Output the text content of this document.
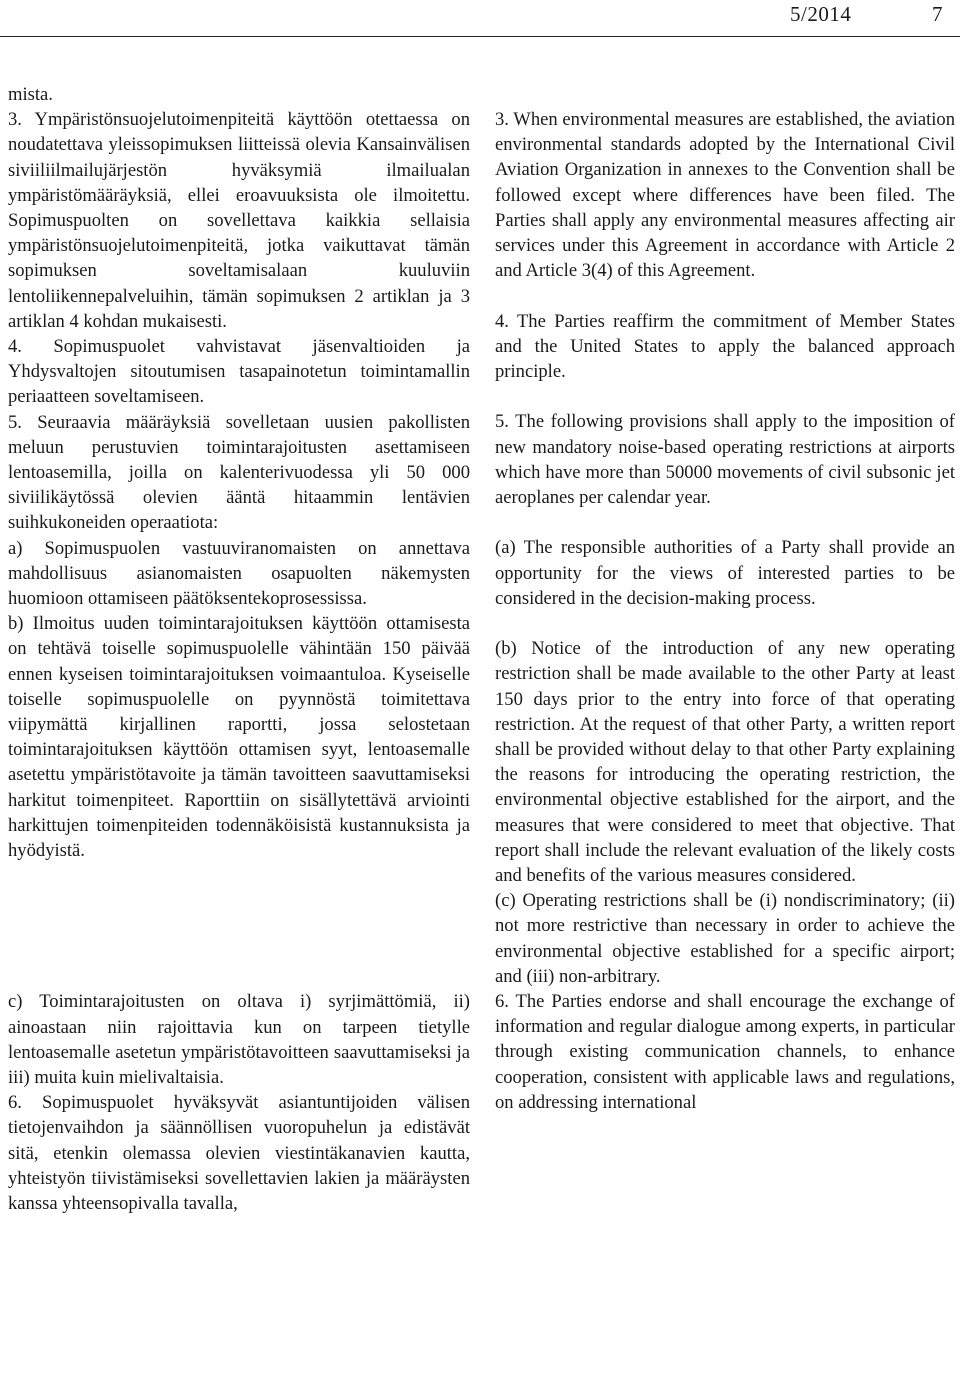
5/2014	7

mista.

3. Ympäristönsuojelutoimenpiteitä käyttöön otettaessa on noudatettava yleissopimuksen liitteissä olevia Kansainvälisen siviiliilmailujärjestön hyväksymiä ilmailualan ympäristömääräyksiä, ellei eroavuuksista ole ilmoitettu. Sopimuspuolten on sovellettava kaikkia sellaisia ympäristönsuojelutoimenpiteitä, jotka vaikuttavat tämän sopimuksen soveltamisalaan kuuluviin lentoliikennepalveluihin, tämän sopimuksen 2 artiklan ja 3 artiklan 4 kohdan mukaisesti.

4. Sopimuspuolet vahvistavat jäsenvaltioiden ja Yhdysvaltojen sitoutumisen tasapainotetun toimintamallin periaatteen soveltamiseen.

5. Seuraavia määräyksiä sovelletaan uusien pakollisten meluun perustuvien toimintarajoitusten asettamiseen lentoasemilla, joilla on kalenterivuodessa yli 50 000 siviilikäytössä olevien ääntä hitaammin lentävien suihkukoneiden operaatiota:

a) Sopimuspuolen vastuuviranomaisten on annettava mahdollisuus asianomaisten osapuolten näkemysten huomioon ottamiseen päätöksentekoprosessissa.

b) Ilmoitus uuden toimintarajoituksen käyttöön ottamisesta on tehtävä toiselle sopimuspuolelle vähintään 150 päivää ennen kyseisen toimintarajoituksen voimaantuloa. Kyseiselle toiselle sopimuspuolelle on pyynnöstä toimitettava viipymättä kirjallinen raportti, jossa selostetaan toimintarajoituksen käyttöön ottamisen syyt, lentoasemalle asetettu ympäristötavoite ja tämän tavoitteen saavuttamiseksi harkitut toimenpiteet. Raporttiin on sisällytettävä arviointi harkittujen toimenpiteiden todennäköisistä kustannuksista ja hyödyistä.

c) Toimintarajoitusten on oltava i) syrjimättömiä, ii) ainoastaan niin rajoittavia kun on tarpeen tietylle lentoasemalle asetetun ympäristötavoitteen saavuttamiseksi ja iii) muita kuin mielivaltaisia.

6. Sopimuspuolet hyväksyvät asiantuntijoiden välisen tietojenvaihdon ja säännöllisen vuoropuhelun ja edistävät sitä, etenkin olemassa olevien viestintäkanavien kautta, yhteistyön tiivistämiseksi sovellettavien lakien ja määräysten kanssa yhteensopivalla tavalla,

3. When environmental measures are established, the aviation environmental standards adopted by the International Civil Aviation Organization in annexes to the Convention shall be followed except where differences have been filed. The Parties shall apply any environmental measures affecting air services under this Agreement in accordance with Article 2 and Article 3(4) of this Agreement.

4. The Parties reaffirm the commitment of Member States and the United States to apply the balanced approach principle.

5. The following provisions shall apply to the imposition of new mandatory noise-based operating restrictions at airports which have more than 50000 movements of civil subsonic jet aeroplanes per calendar year.

(a) The responsible authorities of a Party shall provide an opportunity for the views of interested parties to be considered in the decision-making process.

(b) Notice of the introduction of any new operating restriction shall be made available to the other Party at least 150 days prior to the entry into force of that operating restriction. At the request of that other Party, a written report shall be provided without delay to that other Party explaining the reasons for introducing the operating restriction, the environmental objective established for the airport, and the measures that were considered to meet that objective. That report shall include the relevant evaluation of the likely costs and benefits of the various measures considered.

(c) Operating restrictions shall be (i) nondiscriminatory; (ii) not more restrictive than necessary in order to achieve the environmental objective established for a specific airport; and (iii) non-arbitrary.

6. The Parties endorse and shall encourage the exchange of information and regular dialogue among experts, in particular through existing communication channels, to enhance cooperation, consistent with applicable laws and regulations, on addressing international
